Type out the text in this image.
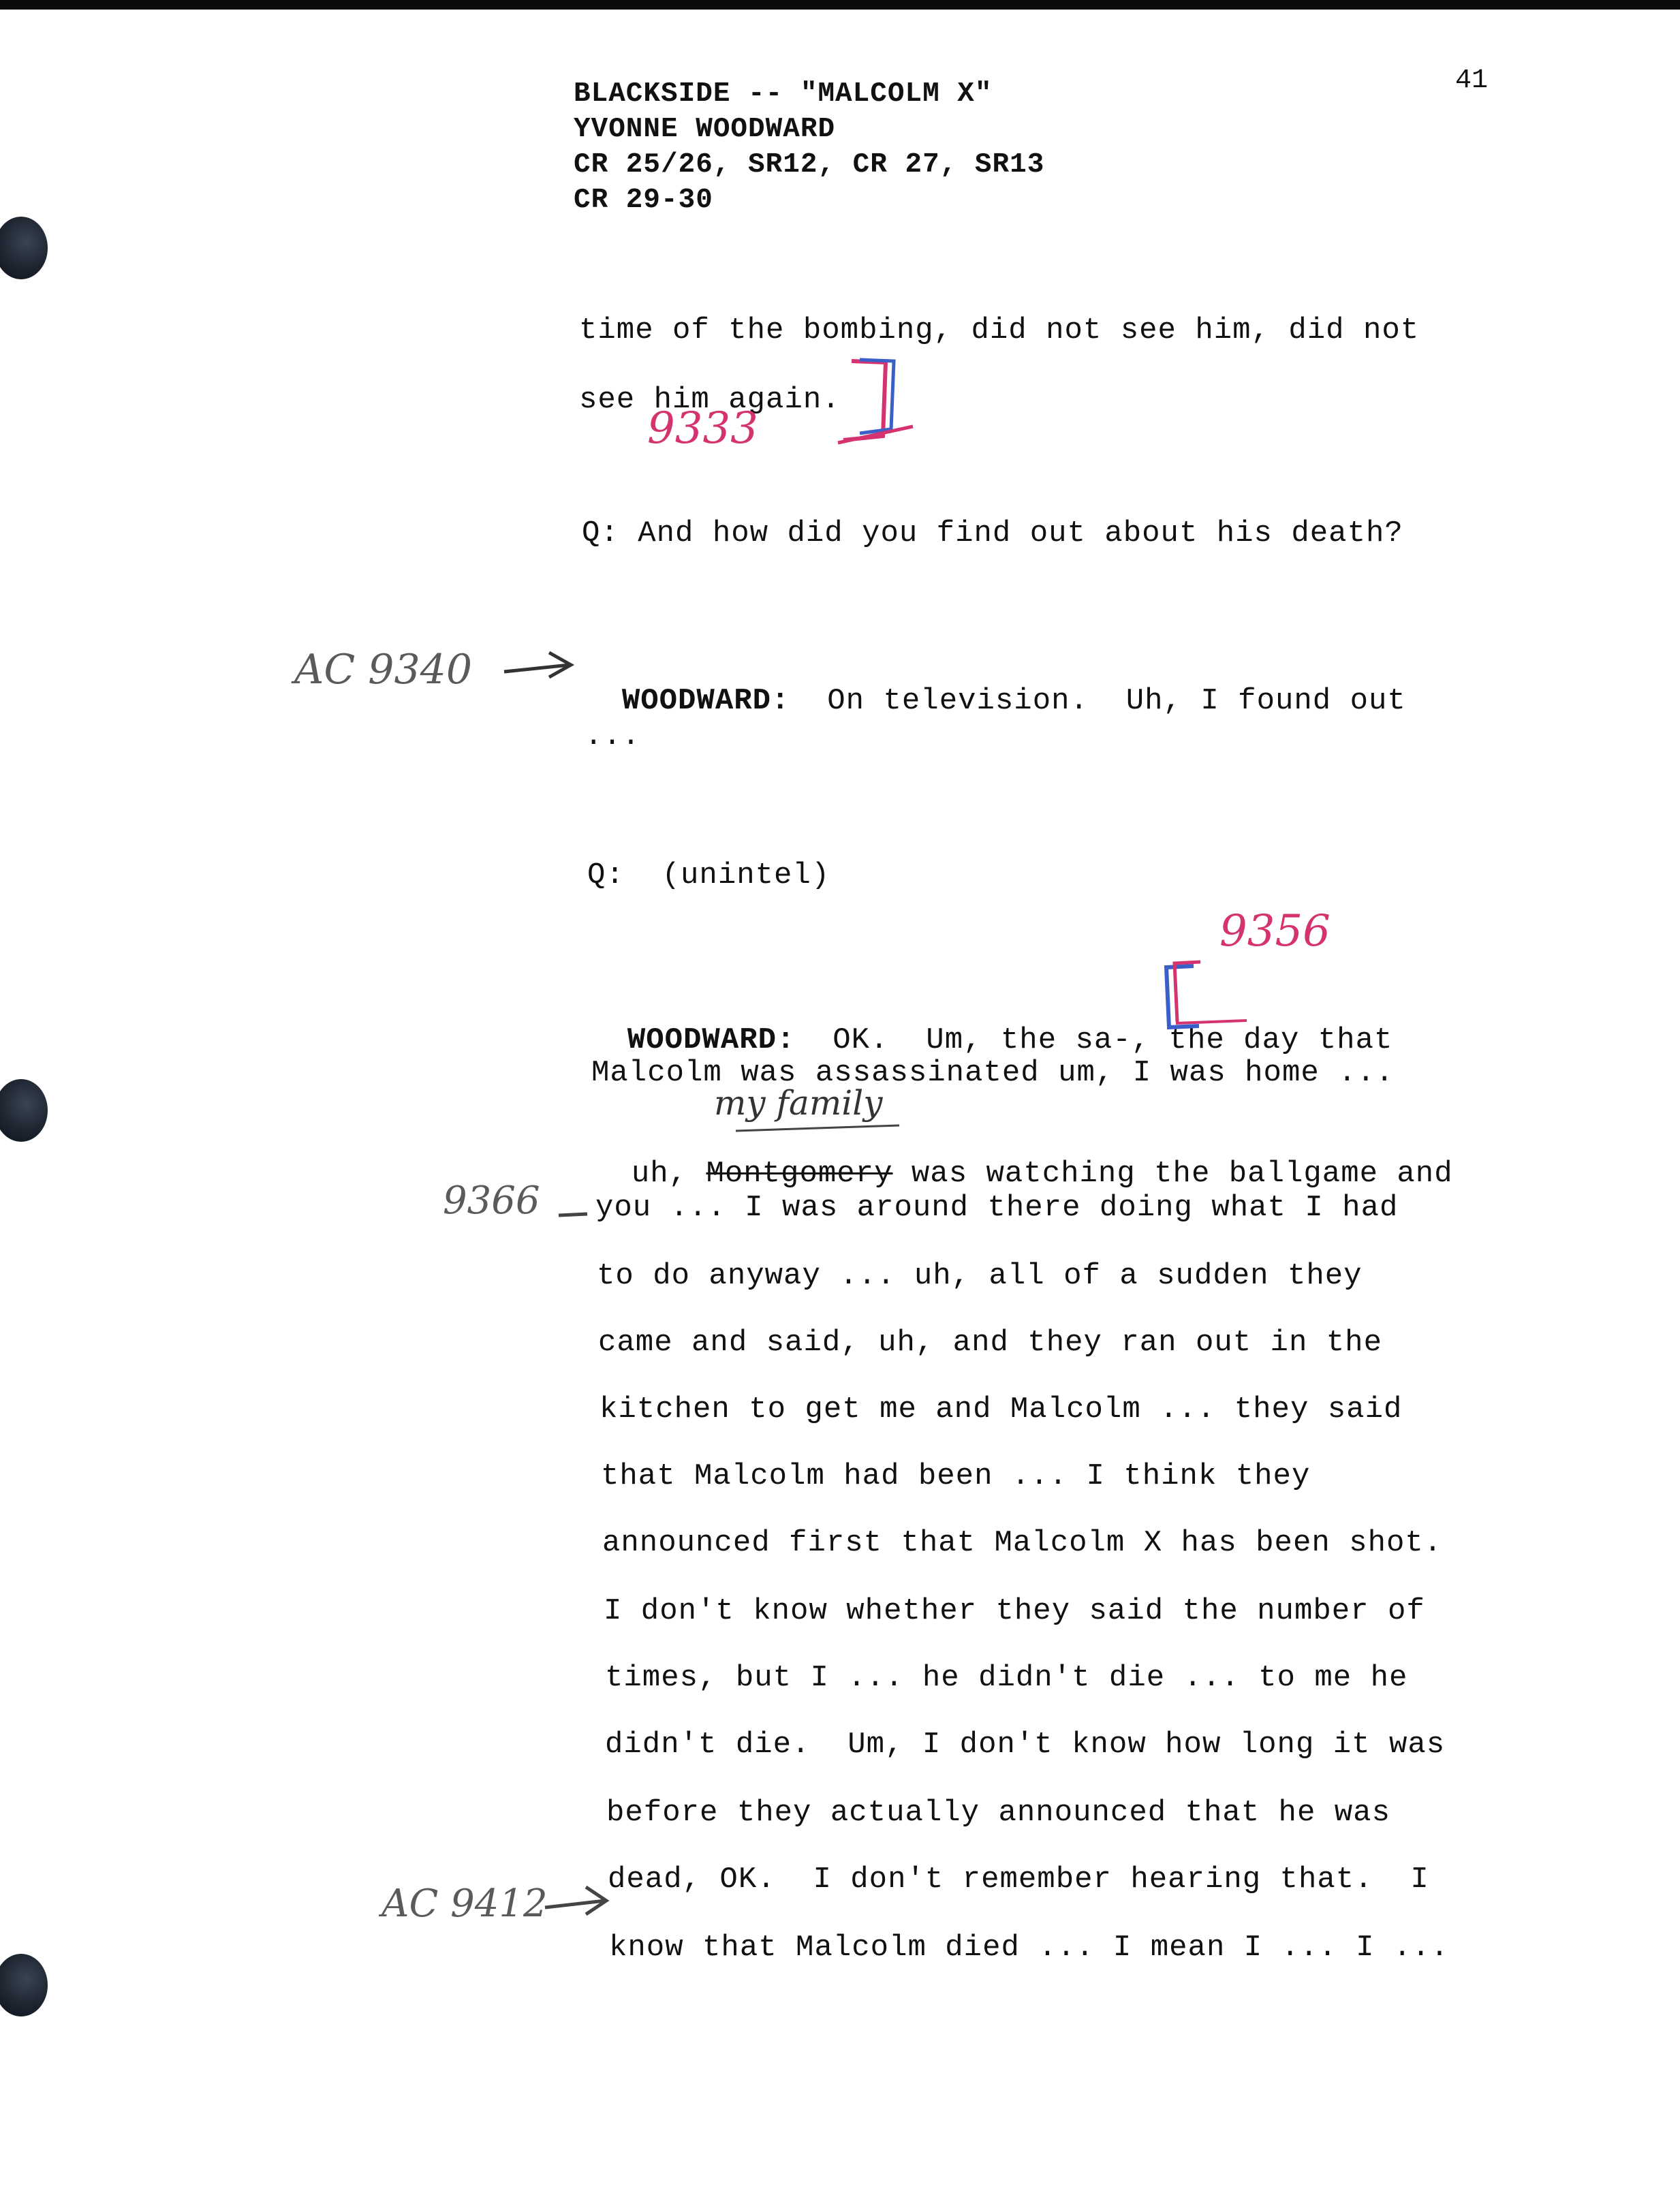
41
BLACKSIDE -- "MALCOLM X"
YVONNE WOODWARD
CR 25/26, SR12, CR 27, SR13
CR 29-30
time of the bombing, did not see him, did not
see him again.
Q: And how did you find out about his death?

WOODWARD: On television.  Uh, I found out

...
Q:  (unintel)

WOODWARD: OK.  Um, the sa-, the day that

Malcolm was assassinated um, I was home ...

uh, Montgomery was watching the ballgame and

you ... I was around there doing what I had
to do anyway ... uh, all of a sudden they
came and said, uh, and they ran out in the
kitchen to get me and Malcolm ... they said
that Malcolm had been ... I think they
announced first that Malcolm X has been shot.
I don't know whether they said the number of
times, but I ... he didn't die ... to me he
didn't die.  Um, I don't know how long it was
before they actually announced that he was
dead, OK.  I don't remember hearing that.  I
know that Malcolm died ... I mean I ... I ...
9333
AC 9340
9356
my family
9366
AC 9412
